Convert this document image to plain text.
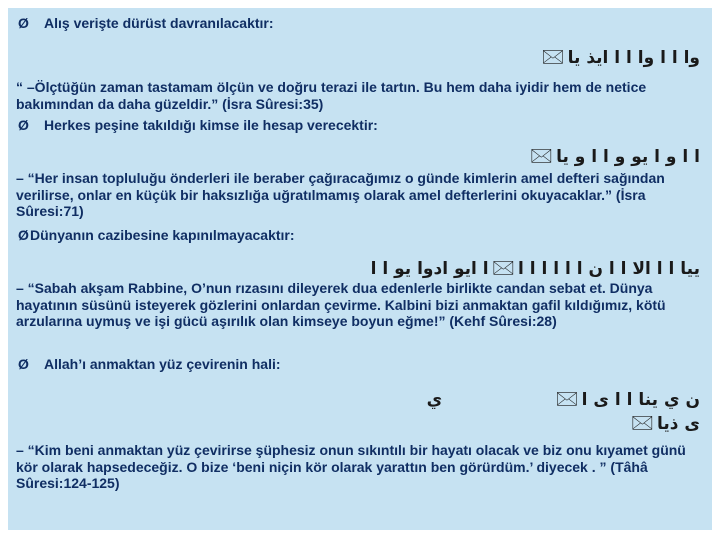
Ø Alış verişte dürüst davranılacaktır:
وا ا ا وا ا ا ايذ يا🖂
“ –Ölçtüğün zaman tastamam ölçün ve doğru terazi ile tartın. Bu hem daha iyidir hem de netice bakımından da daha güzeldir.” (İsra Sûresi:35)
Ø Herkes peşine takıldığı kimse ile hesap verecektir:
ا ا و ا يو و ا ا و يا🖂
– “Her insan topluluğu önderleri ile beraber çağıracağımız o günde kimlerin amel defteri sağından verilirse, onlar en küçük bir haksızlığa uğratılmamış olarak amel defterlerini okuyacaklar.” (İsra Sûresi:71)
ØDünyanın cazibesine kapınılmayacaktır:
ييا ا ا الا ا ا ن ا ا ا ا ا ا🖂ا ايو ادوا يو ا ا
– “Sabah akşam Rabbine, O’nun rızasını dileyerek dua edenlerle birlikte candan sebat et. Dünya hayatının süsünü isteyerek gözlerini onlardan çevirme. Kalbini bizi anmaktan gafil kıldığımız, kötü arzularına uymuş ve işi gücü aşırılık olan kimseye boyun eğme!” (Kehf Sûresi:28)
Ø Allah’ı anmaktan yüz çevirenin hali:
ن ي ينا ا ا ى ا🖂ي
ى ذيا🖂
– “Kim beni anmaktan yüz çevirirse şüphesiz onun sıkıntılı bir hayatı olacak ve biz onu kıyamet günü kör olarak hapsedeceğiz. O bize ‘beni niçin kör olarak yarattın ben görürdüm.’ diyecek . ” (Tâhâ Sûresi:124-125)
